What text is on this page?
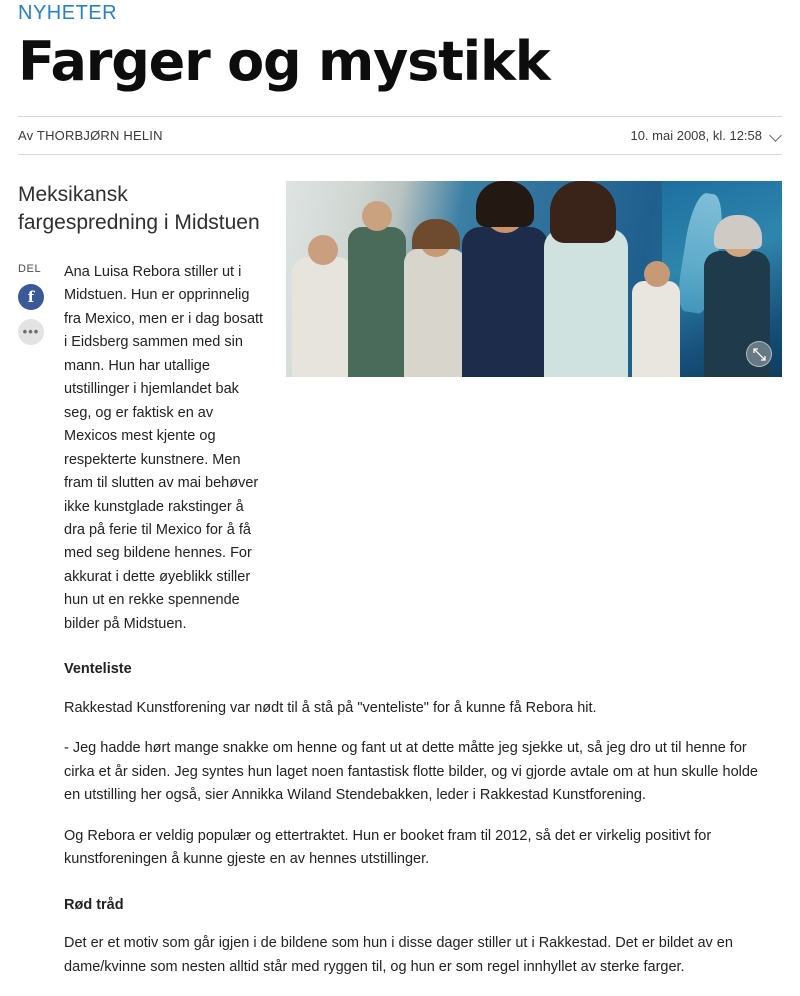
NYHETER
Farger og mystikk
Av THORBJØRN HELIN	10. mai 2008, kl. 12:58

Meksikansk fargespredning i Midstuen

DEL
f
•••

Ana Luisa Rebora stiller ut i Midstuen. Hun er opprinnelig fra Mexico, men er i dag bosatt i Eidsberg sammen med sin mann. Hun har utallige utstillinger i hjemlandet bak seg, og er faktisk en av Mexicos mest kjente og respekterte kunstnere. Men fram til slutten av mai behøver ikke kunstglade rakstinger å dra på ferie til Mexico for å få med seg bildene hennes. For akkurat i dette øyeblikk stiller hun ut en rekke spennende bilder på Midstuen.

Venteliste

Rakkestad Kunstforening var nødt til å stå på "venteliste" for å kunne få Rebora hit.

- Jeg hadde hørt mange snakke om henne og fant ut at dette måtte jeg sjekke ut, så jeg dro ut til henne for cirka et år siden. Jeg syntes hun laget noen fantastisk flotte bilder, og vi gjorde avtale om at hun skulle holde en utstilling her også, sier Annikka Wiland Stendebakken, leder i Rakkestad Kunstforening.

Og Rebora er veldig populær og ettertraktet. Hun er booket fram til 2012, så det er virkelig positivt for kunstforeningen å kunne gjeste en av hennes utstillinger.

Rød tråd

Det er et motiv som går igjen i de bildene som hun i disse dager stiller ut i Rakkestad. Det er bildet av en dame/kvinne som nesten alltid står med ryggen til, og hun er som regel innhyllet av sterke farger.
